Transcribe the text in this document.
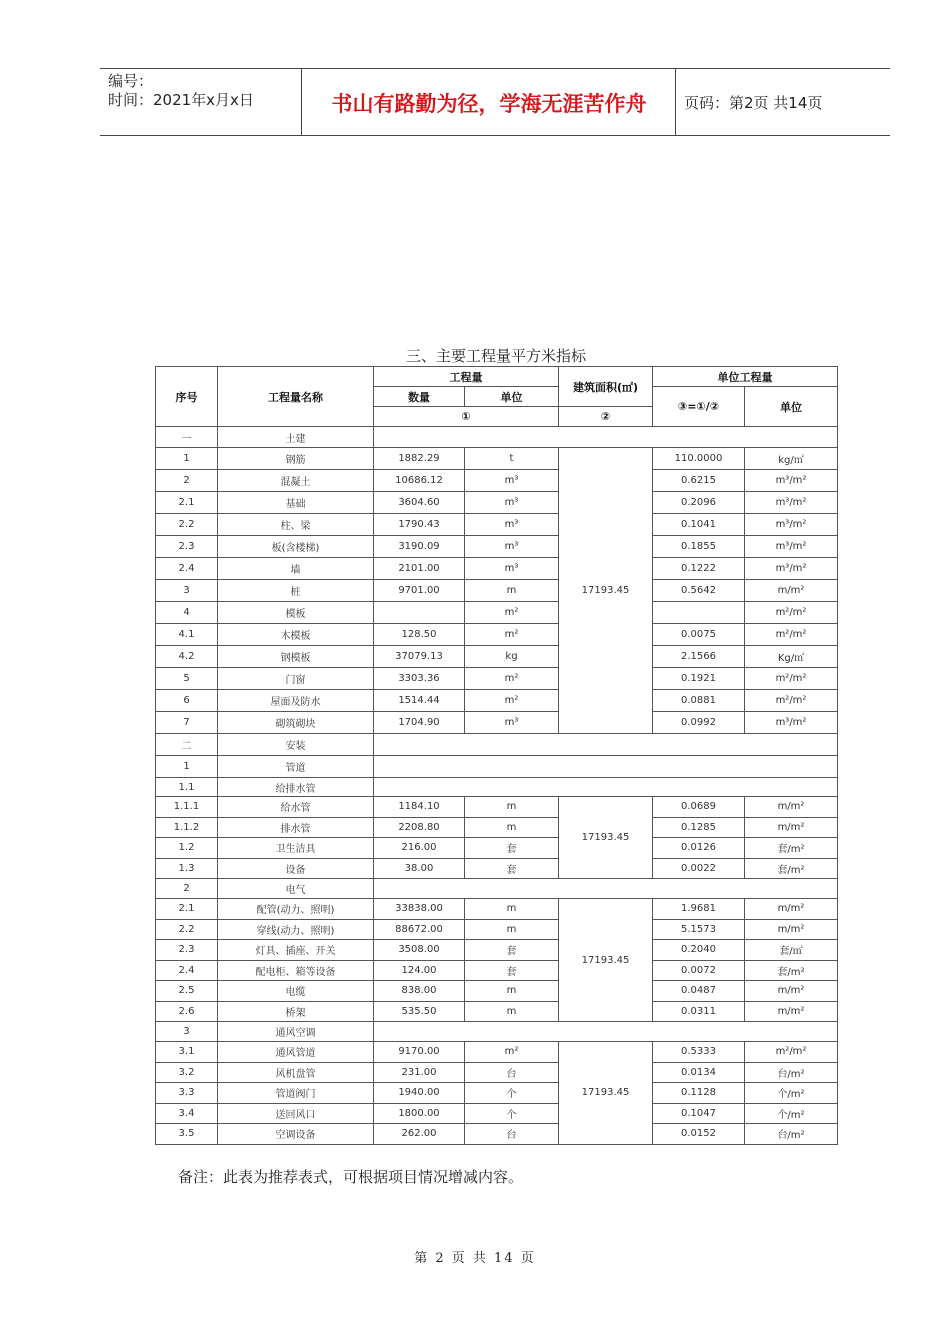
编号：
时间：2021年x月x日	书山有路勤为径，学海无涯苦作舟	页码：第2页 共14页
三、主要工程量平方米指标
序号	工程量名称	工程量		建筑面积(㎡)	单位工程量	
		数量	单位		③=①/②	单位
		①		②		
一	土建					
1	钢筋	1882.29	t	17193.45	110.0000	kg/㎡
2	混凝土	10686.12	m³		0.6215	m³/m²
2.1	基础	3604.60	m³		0.2096	m³/m²
2.2	柱、梁	1790.43	m³		0.1041	m³/m²
2.3	板(含楼梯)	3190.09	m³		0.1855	m³/m²
2.4	墙	2101.00	m³		0.1222	m³/m²
3	桩	9701.00	m		0.5642	m/m²
4	模板		m²			m²/m²
4.1	木模板	128.50	m²		0.0075	m²/m²
4.2	钢模板	37079.13	kg		2.1566	Kg/㎡
5	门窗	3303.36	m²		0.1921	m²/m²
6	屋面及防水	1514.44	m²		0.0881	m²/m²
7	砌筑砌块	1704.90	m³		0.0992	m³/m²
二	安装					
1	管道					
1.1	给排水管					
1.1.1	给水管	1184.10	m	17193.45	0.0689	m/m²
1.1.2	排水管	2208.80	m		0.1285	m/m²
1.2	卫生洁具	216.00	套		0.0126	套/m²
1.3	设备	38.00	套		0.0022	套/m²
2	电气					
2.1	配管(动力、照明)	33838.00	m	17193.45	1.9681	m/m²
2.2	穿线(动力、照明)	88672.00	m		5.1573	m/m²
2.3	灯具、插座、开关	3508.00	套		0.2040	套/㎡
2.4	配电柜、箱等设备	124.00	套		0.0072	套/m²
2.5	电缆	838.00	m		0.0487	m/m²
2.6	桥架	535.50	m		0.0311	m/m²
3	通风空调					
3.1	通风管道	9170.00	m²	17193.45	0.5333	m²/m²
3.2	风机盘管	231.00	台		0.0134	台/m²
3.3	管道阀门	1940.00	个		0.1128	个/m²
3.4	送回风口	1800.00	个		0.1047	个/m²
3.5	空调设备	262.00	台		0.0152	台/m²
备注：此表为推荐表式，可根据项目情况增减内容。
第 2 页 共 14 页
